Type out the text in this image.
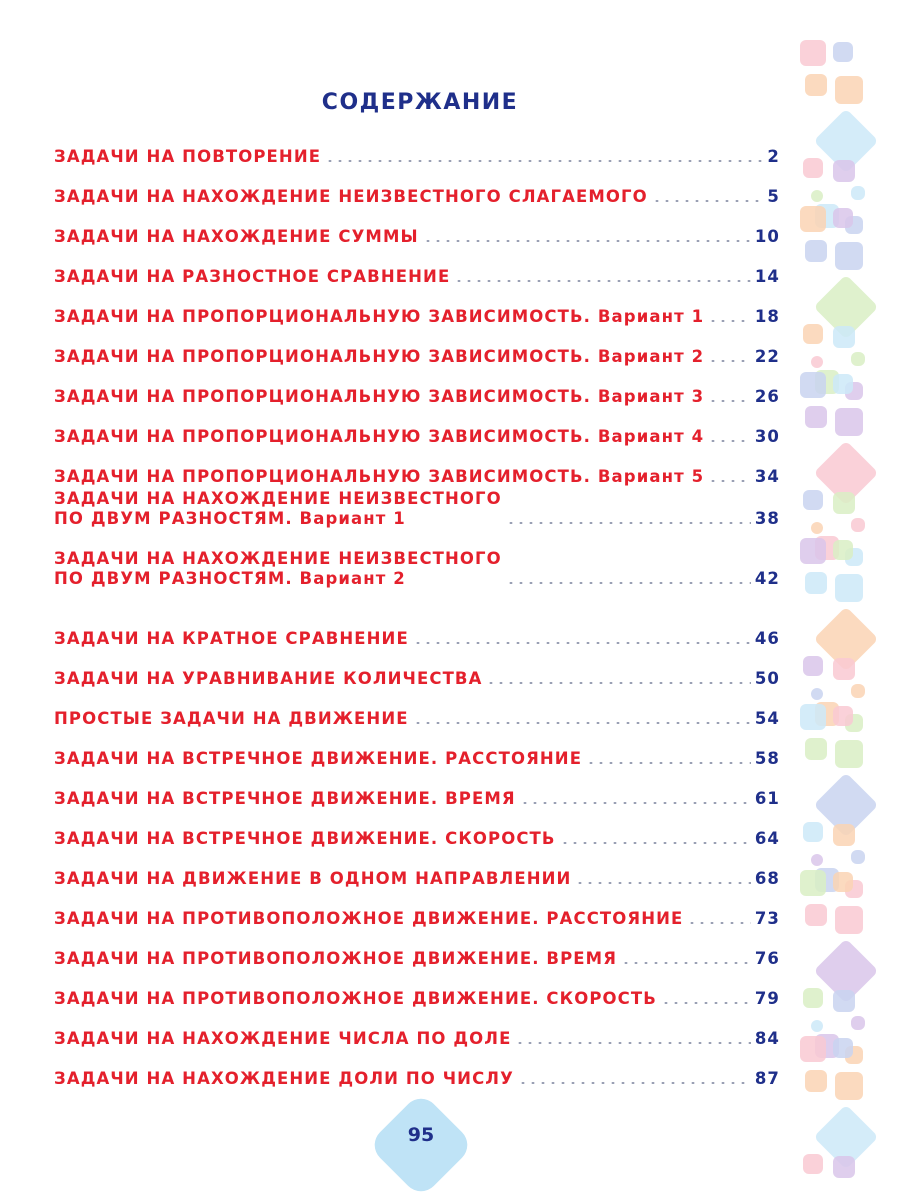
СОДЕРЖАНИЕ
ЗАДАЧИ НА ПОВТОРЕНИЕ	2
ЗАДАЧИ НА НАХОЖДЕНИЕ НЕИЗВЕСТНОГО СЛАГАЕМОГО	5
ЗАДАЧИ НА НАХОЖДЕНИЕ СУММЫ	10
ЗАДАЧИ НА РАЗНОСТНОЕ СРАВНЕНИЕ	14
ЗАДАЧИ НА ПРОПОРЦИОНАЛЬНУЮ ЗАВИСИМОСТЬ. Вариант 1	18
ЗАДАЧИ НА ПРОПОРЦИОНАЛЬНУЮ ЗАВИСИМОСТЬ. Вариант 2	22
ЗАДАЧИ НА ПРОПОРЦИОНАЛЬНУЮ ЗАВИСИМОСТЬ. Вариант 3	26
ЗАДАЧИ НА ПРОПОРЦИОНАЛЬНУЮ ЗАВИСИМОСТЬ. Вариант 4	30
ЗАДАЧИ НА ПРОПОРЦИОНАЛЬНУЮ ЗАВИСИМОСТЬ. Вариант 5	34
ЗАДАЧИ НА НАХОЖДЕНИЕ НЕИЗВЕСТНОГО
ПО ДВУМ РАЗНОСТЯМ. Вариант 1	38
ЗАДАЧИ НА НАХОЖДЕНИЕ НЕИЗВЕСТНОГО
ПО ДВУМ РАЗНОСТЯМ. Вариант 2	42
ЗАДАЧИ НА КРАТНОЕ СРАВНЕНИЕ	46
ЗАДАЧИ НА УРАВНИВАНИЕ КОЛИЧЕСТВА	50
ПРОСТЫЕ ЗАДАЧИ НА ДВИЖЕНИЕ	54
ЗАДАЧИ НА ВСТРЕЧНОЕ ДВИЖЕНИЕ. РАССТОЯНИЕ	58
ЗАДАЧИ НА ВСТРЕЧНОЕ ДВИЖЕНИЕ. ВРЕМЯ	61
ЗАДАЧИ НА ВСТРЕЧНОЕ ДВИЖЕНИЕ. СКОРОСТЬ	64
ЗАДАЧИ НА ДВИЖЕНИЕ В ОДНОМ НАПРАВЛЕНИИ	68
ЗАДАЧИ НА ПРОТИВОПОЛОЖНОЕ ДВИЖЕНИЕ. РАССТОЯНИЕ	73
ЗАДАЧИ НА ПРОТИВОПОЛОЖНОЕ ДВИЖЕНИЕ. ВРЕМЯ	76
ЗАДАЧИ НА ПРОТИВОПОЛОЖНОЕ ДВИЖЕНИЕ. СКОРОСТЬ	79
ЗАДАЧИ НА НАХОЖДЕНИЕ ЧИСЛА ПО ДОЛЕ	84
ЗАДАЧИ НА НАХОЖДЕНИЕ ДОЛИ ПО ЧИСЛУ	87
95
